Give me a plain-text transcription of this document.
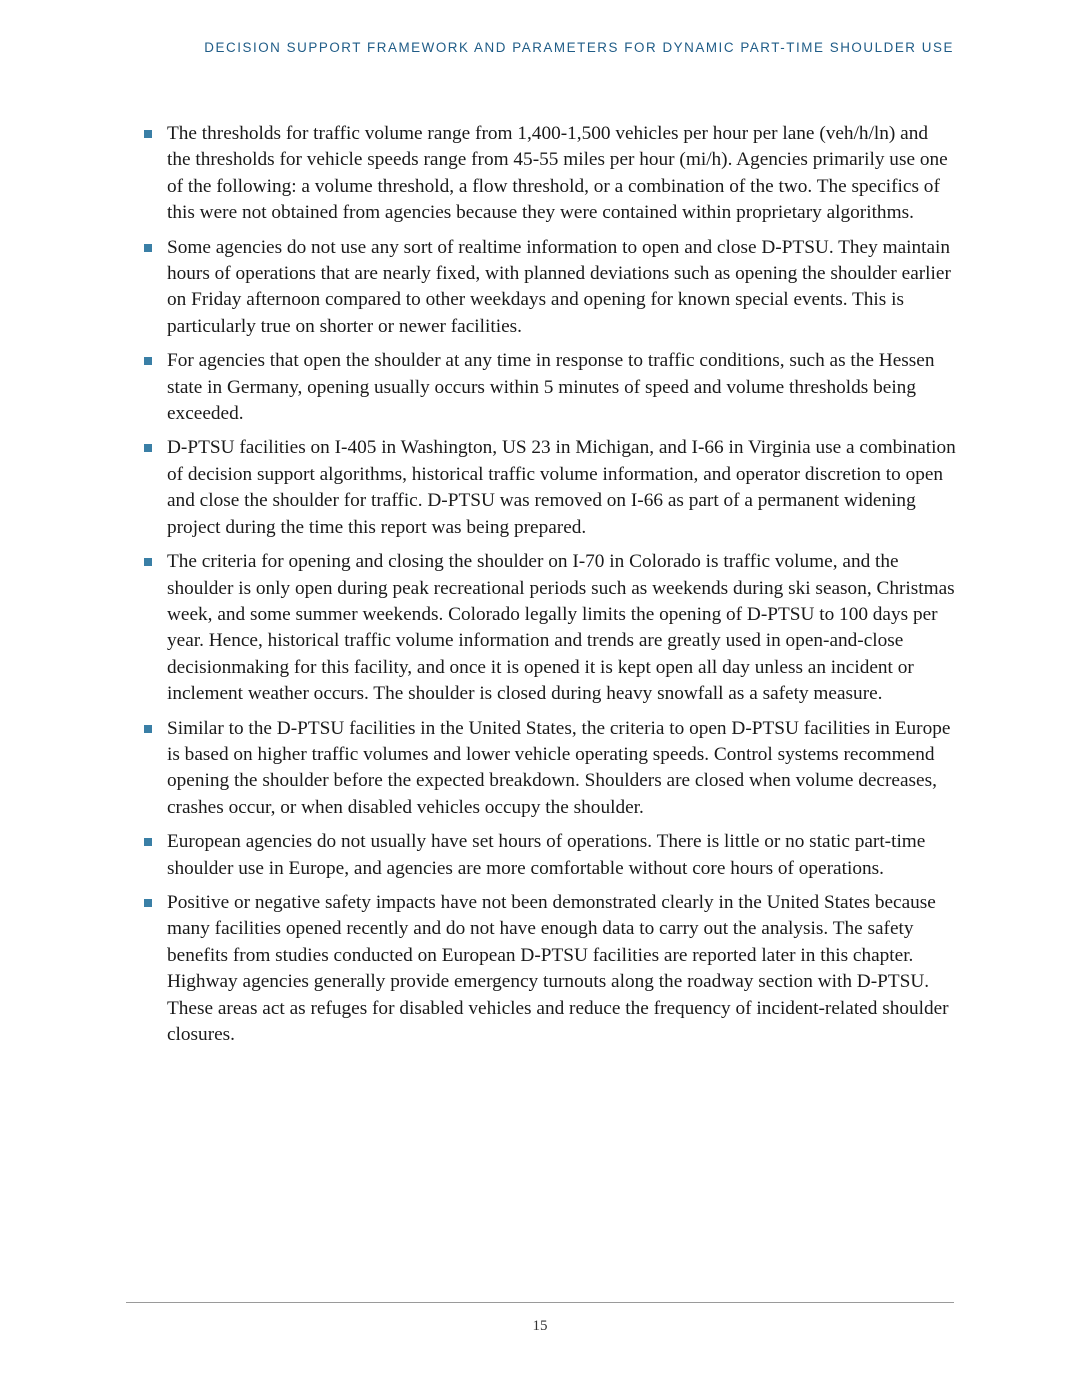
DECISION SUPPORT FRAMEWORK AND PARAMETERS FOR DYNAMIC PART-TIME SHOULDER USE
The thresholds for traffic volume range from 1,400-1,500 vehicles per hour per lane (veh/h/ln) and the thresholds for vehicle speeds range from 45-55 miles per hour (mi/h). Agencies primarily use one of the following: a volume threshold, a flow threshold, or a combination of the two. The specifics of this were not obtained from agencies because they were contained within proprietary algorithms.
Some agencies do not use any sort of realtime information to open and close D-PTSU. They maintain hours of operations that are nearly fixed, with planned deviations such as opening the shoulder earlier on Friday afternoon compared to other weekdays and opening for known special events. This is particularly true on shorter or newer facilities.
For agencies that open the shoulder at any time in response to traffic conditions, such as the Hessen state in Germany, opening usually occurs within 5 minutes of speed and volume thresholds being exceeded.
D-PTSU facilities on I-405 in Washington, US 23 in Michigan, and I-66 in Virginia use a combination of decision support algorithms, historical traffic volume information, and operator discretion to open and close the shoulder for traffic. D-PTSU was removed on I-66 as part of a permanent widening project during the time this report was being prepared.
The criteria for opening and closing the shoulder on I-70 in Colorado is traffic volume, and the shoulder is only open during peak recreational periods such as weekends during ski season, Christmas week, and some summer weekends. Colorado legally limits the opening of D-PTSU to 100 days per year. Hence, historical traffic volume information and trends are greatly used in open-and-close decisionmaking for this facility, and once it is opened it is kept open all day unless an incident or inclement weather occurs. The shoulder is closed during heavy snowfall as a safety measure.
Similar to the D-PTSU facilities in the United States, the criteria to open D-PTSU facilities in Europe is based on higher traffic volumes and lower vehicle operating speeds. Control systems recommend opening the shoulder before the expected breakdown. Shoulders are closed when volume decreases, crashes occur, or when disabled vehicles occupy the shoulder.
European agencies do not usually have set hours of operations. There is little or no static part-time shoulder use in Europe, and agencies are more comfortable without core hours of operations.
Positive or negative safety impacts have not been demonstrated clearly in the United States because many facilities opened recently and do not have enough data to carry out the analysis. The safety benefits from studies conducted on European D-PTSU facilities are reported later in this chapter. Highway agencies generally provide emergency turnouts along the roadway section with D-PTSU. These areas act as refuges for disabled vehicles and reduce the frequency of incident-related shoulder closures.
15
